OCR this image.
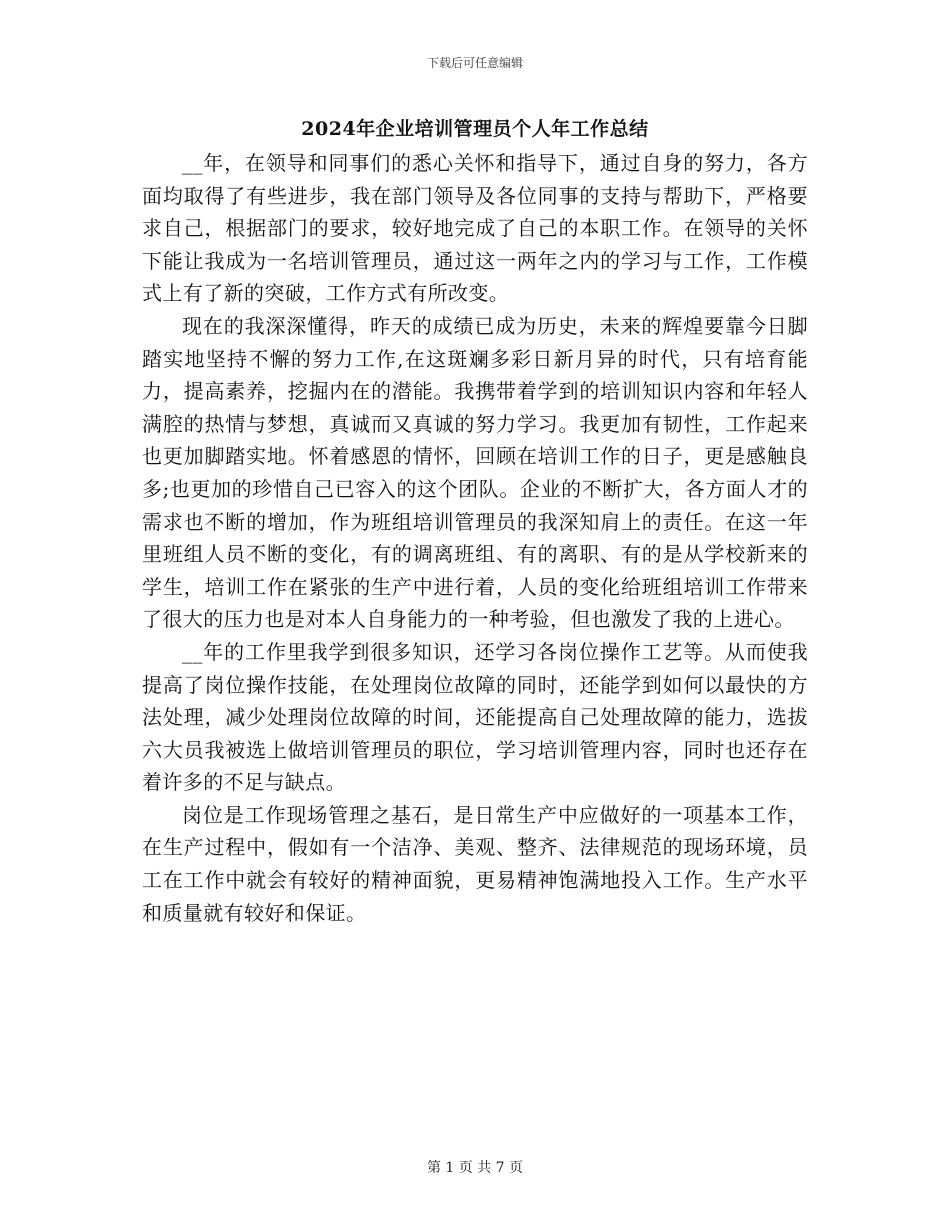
下载后可任意编辑
2024年企业培训管理员个人年工作总结

__年，在领导和同事们的悉心关怀和指导下，通过自身的努力，各方面均取得了有些进步，我在部门领导及各位同事的支持与帮助下，严格要求自己，根据部门的要求，较好地完成了自己的本职工作。在领导的关怀下能让我成为一名培训管理员，通过这一两年之内的学习与工作，工作模式上有了新的突破，工作方式有所改变。

现在的我深深懂得，昨天的成绩已成为历史，未来的辉煌要靠今日脚踏实地坚持不懈的努力工作,在这斑斓多彩日新月异的时代，只有培育能力，提高素养，挖掘内在的潜能。我携带着学到的培训知识内容和年轻人满腔的热情与梦想，真诚而又真诚的努力学习。我更加有韧性，工作起来也更加脚踏实地。怀着感恩的情怀，回顾在培训工作的日子，更是感触良多;也更加的珍惜自己已容入的这个团队。企业的不断扩大，各方面人才的需求也不断的增加，作为班组培训管理员的我深知肩上的责任。在这一年里班组人员不断的变化，有的调离班组、有的离职、有的是从学校新来的学生，培训工作在紧张的生产中进行着，人员的变化给班组培训工作带来了很大的压力也是对本人自身能力的一种考验，但也激发了我的上进心。

__年的工作里我学到很多知识，还学习各岗位操作工艺等。从而使我提高了岗位操作技能，在处理岗位故障的同时，还能学到如何以最快的方法处理，减少处理岗位故障的时间，还能提高自己处理故障的能力，选拔六大员我被选上做培训管理员的职位，学习培训管理内容，同时也还存在着许多的不足与缺点。

岗位是工作现场管理之基石，是日常生产中应做好的一项基本工作，在生产过程中，假如有一个洁净、美观、整齐、法律规范的现场环境，员工在工作中就会有较好的精神面貌，更易精神饱满地投入工作。生产水平和质量就有较好和保证。

第 1 页 共 7 页
